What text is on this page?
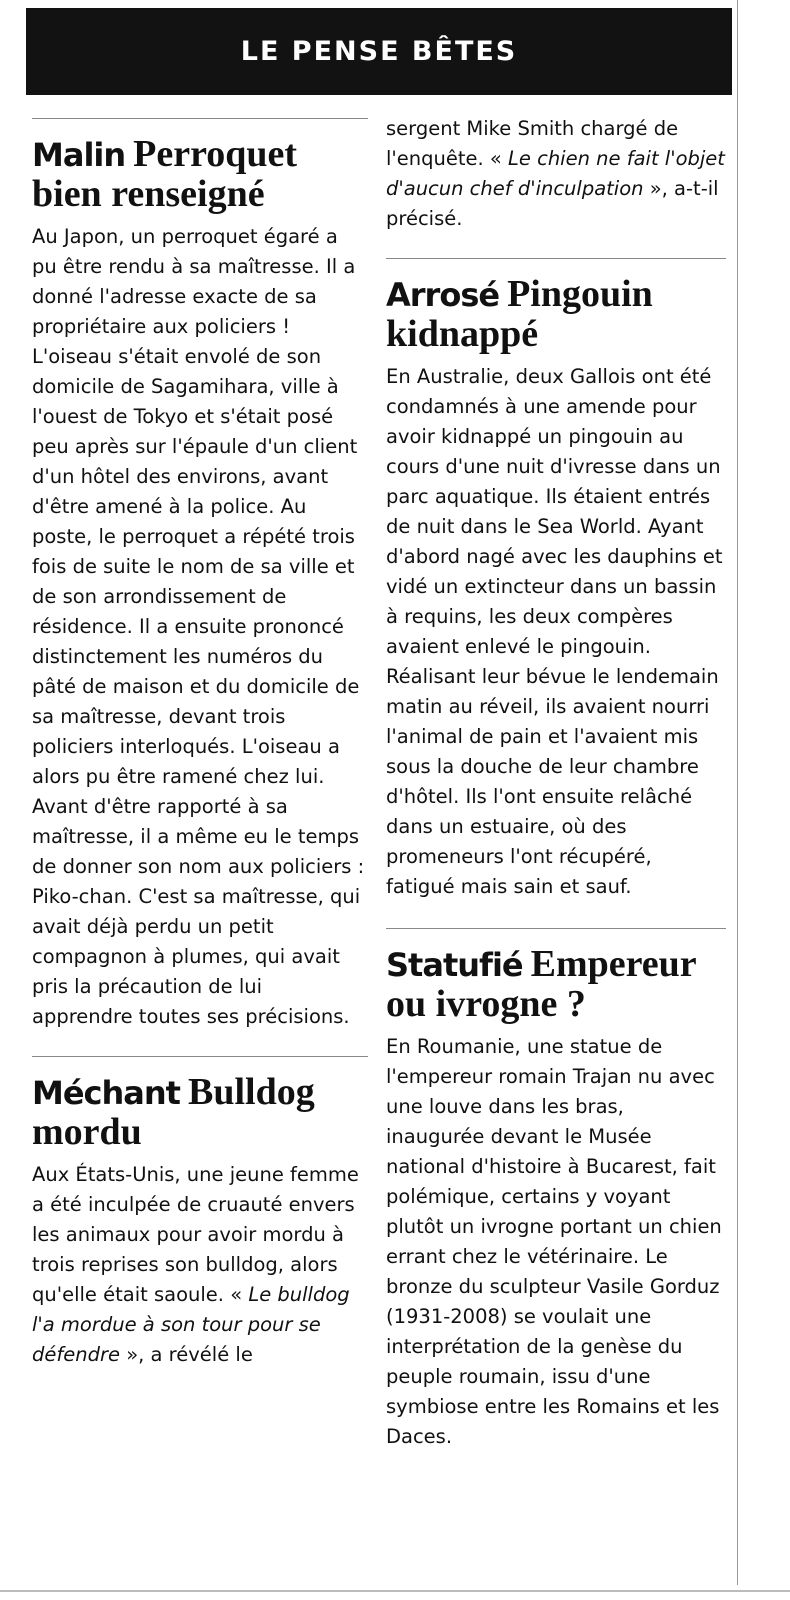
LE PENSE BÊTES
Malin Perroquet bien renseigné

Au Japon, un perroquet égaré a pu être rendu à sa maîtresse. Il a donné l'adresse exacte de sa propriétaire aux policiers ! L'oiseau s'était envolé de son domicile de Sagamihara, ville à l'ouest de Tokyo et s'était posé peu après sur l'épaule d'un client d'un hôtel des environs, avant d'être amené à la police. Au poste, le perroquet a répété trois fois de suite le nom de sa ville et de son arrondissement de résidence. Il a ensuite prononcé distinctement les numéros du pâté de maison et du domicile de sa maîtresse, devant trois policiers interloqués. L'oiseau a alors pu être ramené chez lui. Avant d'être rapporté à sa maîtresse, il a même eu le temps de donner son nom aux policiers : Piko-chan. C'est sa maîtresse, qui avait déjà perdu un petit compagnon à plumes, qui avait pris la précaution de lui apprendre toutes ses précisions.

Méchant Bulldog mordu

Aux États-Unis, une jeune femme a été inculpée de cruauté envers les animaux pour avoir mordu à trois reprises son bulldog, alors qu'elle était saoule. « Le bulldog l'a mordue à son tour pour se défendre », a révélé le

sergent Mike Smith chargé de l'enquête. « Le chien ne fait l'objet d'aucun chef d'inculpation », a-t-il précisé.

Arrosé Pingouin kidnappé

En Australie, deux Gallois ont été condamnés à une amende pour avoir kidnappé un pingouin au cours d'une nuit d'ivresse dans un parc aquatique. Ils étaient entrés de nuit dans le Sea World. Ayant d'abord nagé avec les dauphins et vidé un extincteur dans un bassin à requins, les deux compères avaient enlevé le pingouin. Réalisant leur bévue le lendemain matin au réveil, ils avaient nourri l'animal de pain et l'avaient mis sous la douche de leur chambre d'hôtel. Ils l'ont ensuite relâché dans un estuaire, où des promeneurs l'ont récupéré, fatigué mais sain et sauf.

Statufié Empereur ou ivrogne ?

En Roumanie, une statue de l'empereur romain Trajan nu avec une louve dans les bras, inaugurée devant le Musée national d'histoire à Bucarest, fait polémique, certains y voyant plutôt un ivrogne portant un chien errant chez le vétérinaire. Le bronze du sculpteur Vasile Gorduz (1931-2008) se voulait une interprétation de la genèse du peuple roumain, issu d'une symbiose entre les Romains et les Daces.
